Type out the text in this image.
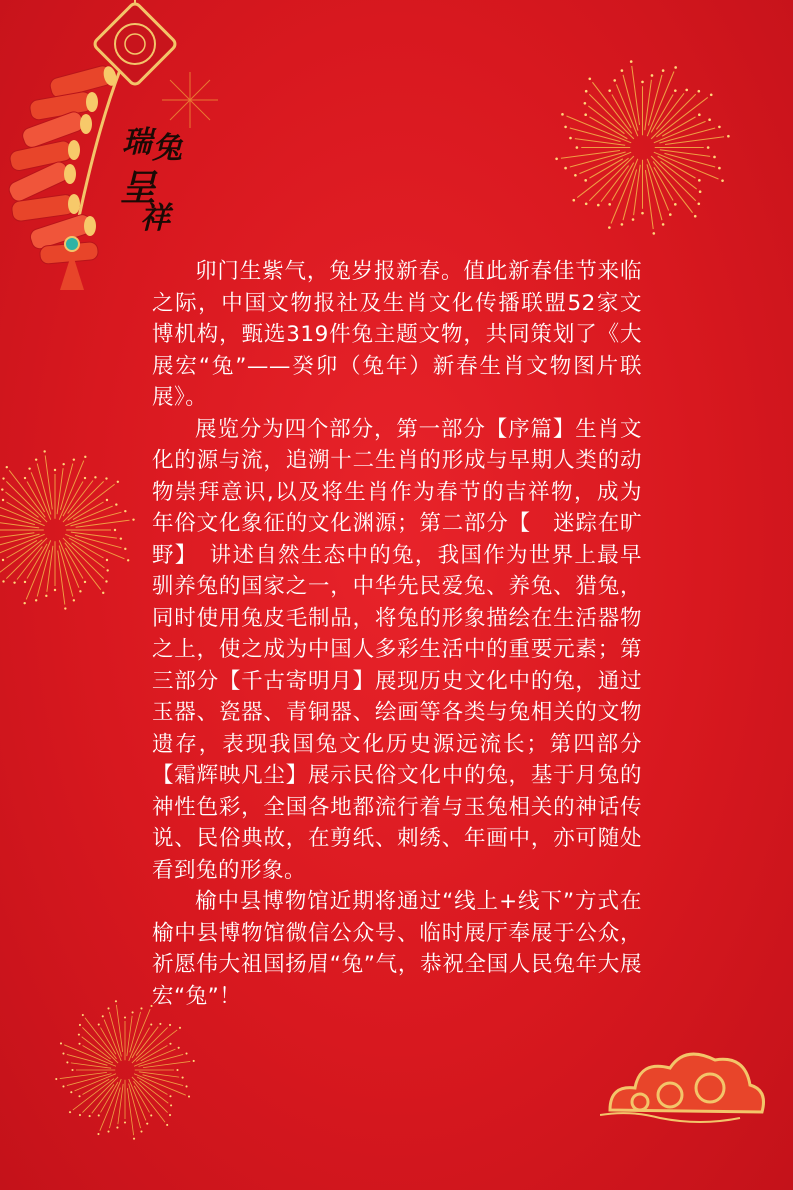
瑞 兔
呈
祥

卯门生紫气，兔岁报新春。值此新春佳节来临之际，中国文物报社及生肖文化传播联盟52家文博机构，甄选319件兔主题文物，共同策划了《大展宏“兔”——癸卯（兔年）新春生肖文物图片联展》。

展览分为四个部分，第一部分【序篇】生肖文化的源与流，追溯十二生肖的形成与早期人类的动物崇拜意识,以及将生肖作为春节的吉祥物，成为年俗文化象征的文化渊源；第二部分【　迷踪在旷野】　讲述自然生态中的兔，我国作为世界上最早驯养兔的国家之一，中华先民爱兔、养兔、猎兔，同时使用兔皮毛制品，将兔的形象描绘在生活器物之上，使之成为中国人多彩生活中的重要元素；第三部分【千古寄明月】展现历史文化中的兔，通过玉器、瓷器、青铜器、绘画等各类与兔相关的文物遗存，表现我国兔文化历史源远流长；第四部分【霜辉映凡尘】展示民俗文化中的兔，基于月兔的神性色彩，全国各地都流行着与玉兔相关的神话传说、民俗典故，在剪纸、刺绣、年画中，亦可随处看到兔的形象。

榆中县博物馆近期将通过“线上+线下”方式在榆中县博物馆微信公众号、临时展厅奉展于公众，祈愿伟大祖国扬眉“兔”气，恭祝全国人民兔年大展宏“兔”！
